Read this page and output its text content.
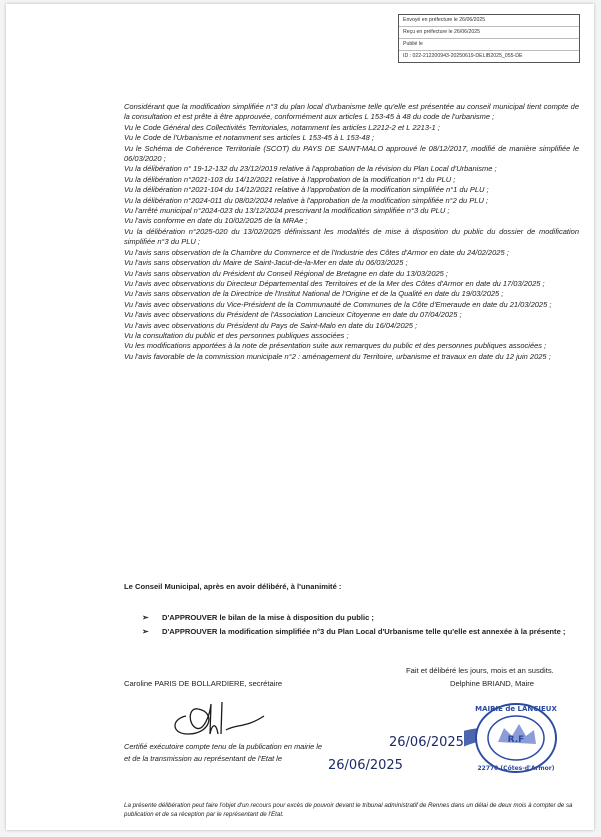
Envoyé en préfecture le 26/06/2025
Reçu en préfecture le 26/06/2025
Publié le
ID : 022-212200943-20250619-DELIB2025_055-DE

Considérant que la modification simplifiée n°3 du plan local d'urbanisme telle qu'elle est présentée au conseil municipal tient compte de la consultation et est prête à être approuvée, conformément aux articles L 153-45 à 48 du code de l'urbanisme ;

Vu le Code Général des Collectivités Territoriales, notamment les articles L2212-2 et L 2213-1 ;

Vu le Code de l'Urbanisme et notamment ses articles L 153-45 à L 153-48 ;

Vu le Schéma de Cohérence Territoriale (SCOT) du PAYS DE SAINT-MALO approuvé le 08/12/2017, modifié de manière simplifiée le 06/03/2020 ;

Vu la délibération n° 19-12-132 du 23/12/2019 relative à l'approbation de la révision du Plan Local d'Urbanisme ;

Vu la délibération n°2021-103 du 14/12/2021 relative à l'approbation de la modification n°1 du PLU ;

Vu la délibération n°2021-104 du 14/12/2021 relative à l'approbation de la modification simplifiée n°1 du PLU ;

Vu la délibération n°2024-011 du 08/02/2024 relative à l'approbation de la modification simplifiée n°2 du PLU ;

Vu l'arrêté municipal n°2024-023 du 13/12/2024 prescrivant la modification simplifiée n°3 du PLU ;

Vu l'avis conforme en date du 10/02/2025 de la MRAe ;

Vu la délibération n°2025-020 du 13/02/2025 définissant les modalités de mise à disposition du public du dossier de modification simplifiée n°3 du PLU ;

Vu l'avis sans observation de la Chambre du Commerce et de l'Industrie des Côtes d'Armor en date du 24/02/2025 ;

Vu l'avis sans observation du Maire de Saint-Jacut-de-la-Mer en date du 06/03/2025 ;

Vu l'avis sans observation du Président du Conseil Régional de Bretagne en date du 13/03/2025 ;

Vu l'avis avec observations du Directeur Départemental des Territoires et de la Mer des Côtes d'Armor en date du 17/03/2025 ;

Vu l'avis sans observation de la Directrice de l'Institut National de l'Origine et de la Qualité en date du 19/03/2025 ;

Vu l'avis avec observations du Vice-Président de la Communauté de Communes de la Côte d'Emeraude en date du 21/03/2025 ;

Vu l'avis avec observations du Président de l'Association Lancieux Citoyenne en date du 07/04/2025 ;

Vu l'avis avec observations du Président du Pays de Saint-Malo en date du 16/04/2025 ;

Vu la consultation du public et des personnes publiques associées ;

Vu les modifications apportées à la note de présentation suite aux remarques du public et des personnes publiques associées ;

Vu l'avis favorable de la commission municipale n°2 : aménagement du Territoire, urbanisme et travaux en date du 12 juin 2025 ;

Le Conseil Municipal, après en avoir délibéré, à l'unanimité :
➢ D'APPROUVER le bilan de la mise à disposition du public ;
➢ D'APPROUVER la modification simplifiée n°3 du Plan Local d'Urbanisme telle qu'elle est annexée à la présente ;
Fait et délibéré les jours, mois et an susdits.
Caroline PARIS DE BOLLARDIERE, secrétaire	Delphine BRIAND, Maire
R.F
MAIRIE de LANCIEUX
22770 (Côtes-d'Armor)
Certifié exécutoire compte tenu de la publication en mairie le
et de la transmission au représentant de l'Etat le
26/06/2025
26/06/2025
La présente délibération peut faire l'objet d'un recours pour excès de pouvoir devant le tribunal administratif de Rennes dans un délai de deux mois à compter de sa publication et de sa réception par le représentant de l'Etat.
